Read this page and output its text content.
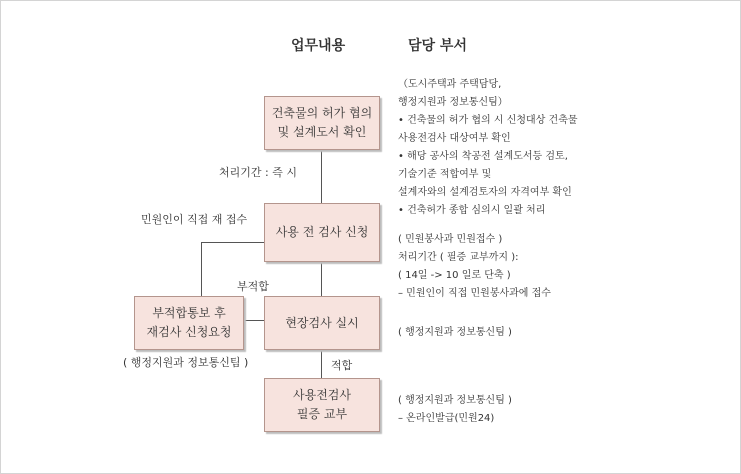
업무내용	담당 부서
건축물의 허가 협의
및 설계도서 확인
사용 전 검사 신청
현장검사 실시
부적합통보 후
재검사 신청요청
사용전검사
필증 교부
처리기간 : 즉 시
민원인이 직접 재 접수
부적합
적합
( 행정지원과 정보통신팀 )
（도시주택과 주택담당,
행정지원과 정보통신팀）
• 건축물의 허가 협의 시 신청대상 건축물
사용전검사 대상여부 확인
• 해당 공사의 착공전 설계도서등 검토,
기술기준 적합여부 및
설계자와의 설계검토자의 자격여부 확인
• 건축허가 종합 심의시 일괄 처리
( 민원봉사과 민원접수 )
처리기간 ( 필증 교부까지 ):
( 14일 -> 10 일로 단축 )
– 민원인이 직접 민원봉사과에 접수
( 행정지원과 정보통신팀 )
( 행정지원과 정보통신팀 )
– 온라인발급(민원24)
